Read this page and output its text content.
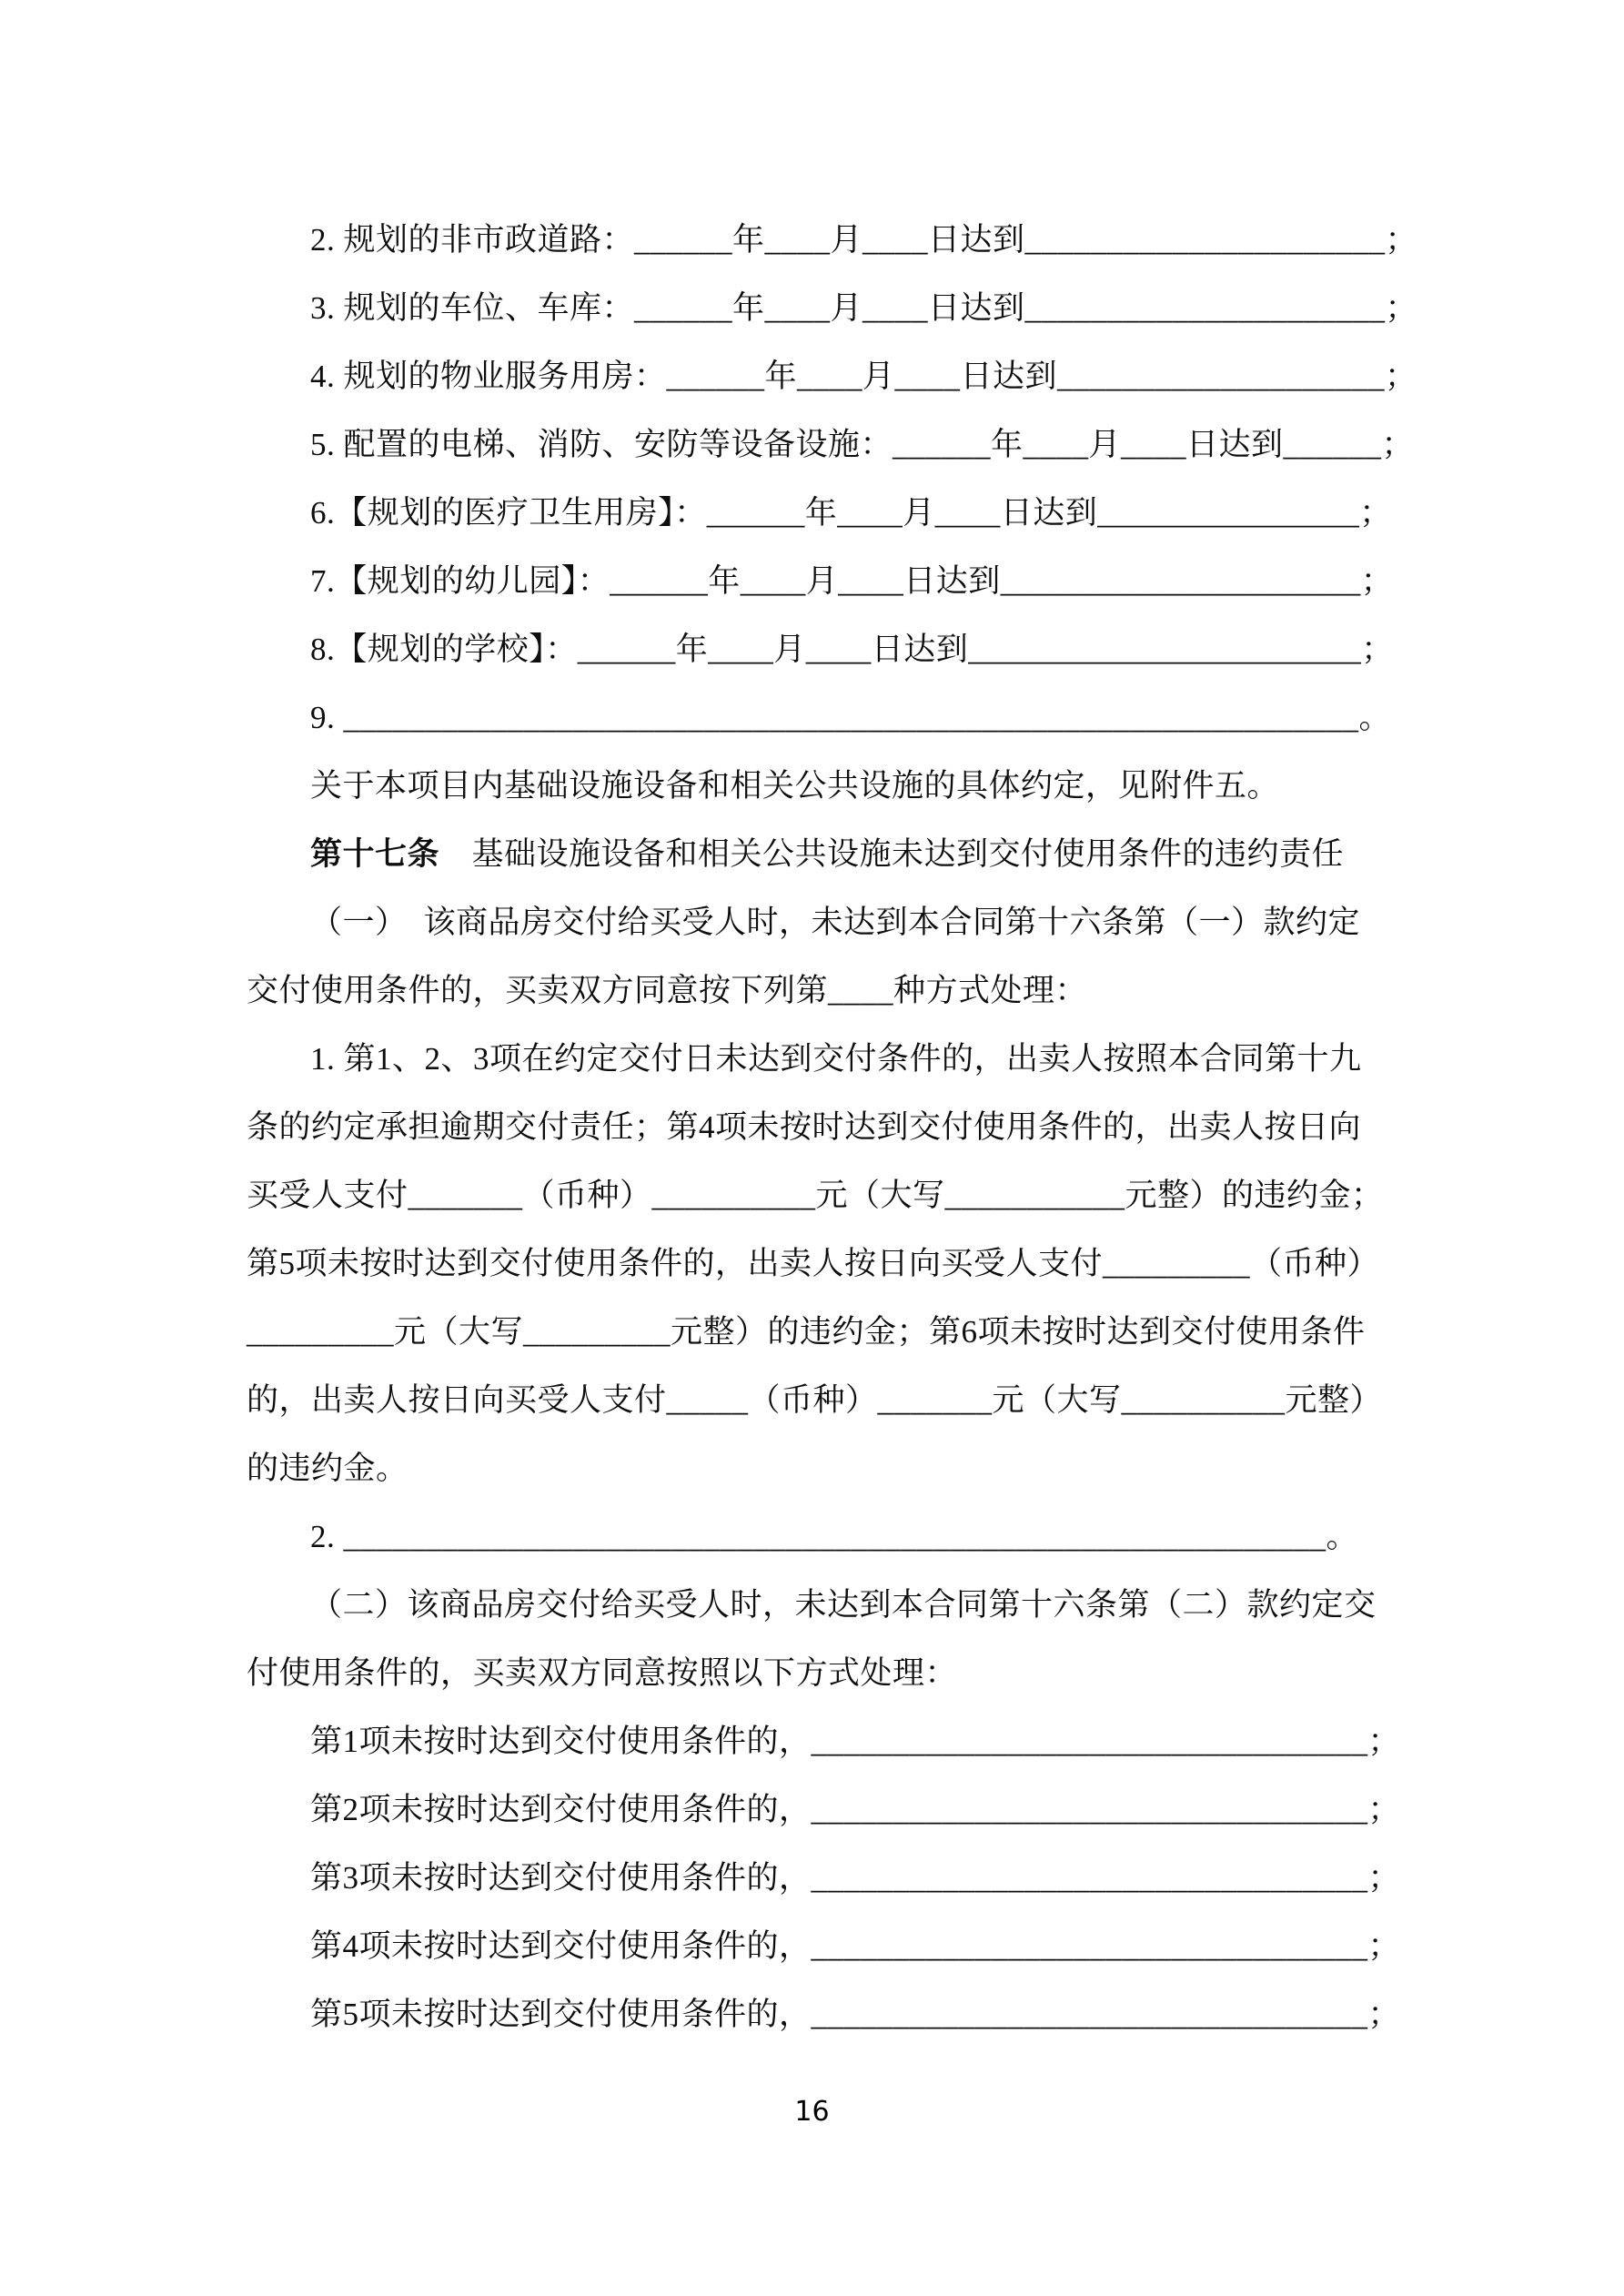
2. 规划的非市政道路：______年____月____日达到______________________；
3. 规划的车位、车库：______年____月____日达到______________________；
4. 规划的物业服务用房：______年____月____日达到____________________；
5. 配置的电梯、消防、安防等设备设施：______年____月____日达到______；
6.【规划的医疗卫生用房】：______年____月____日达到________________；
7.【规划的幼儿园】：______年____月____日达到______________________；
8.【规划的学校】：______年____月____日达到________________________；
9. ______________________________________________________________。
关于本项目内基础设施设备和相关公共设施的具体约定，见附件五。
第十七条　基础设施设备和相关公共设施未达到交付使用条件的违约责任
（一）　该商品房交付给买受人时，未达到本合同第十六条第（一）款约定
交付使用条件的，买卖双方同意按下列第____种方式处理：
1. 第1、2、3项在约定交付日未达到交付条件的，出卖人按照本合同第十九
条的约定承担逾期交付责任；第4项未按时达到交付使用条件的，出卖人按日向
买受人支付_______（币种）__________元（大写___________元整）的违约金；
第5项未按时达到交付使用条件的，出卖人按日向买受人支付_________（币种）
_________元（大写_________元整）的违约金；第6项未按时达到交付使用条件
的，出卖人按日向买受人支付_____（币种）_______元（大写__________元整）
的违约金。
2. ____________________________________________________________。
（二）该商品房交付给买受人时，未达到本合同第十六条第（二）款约定交
付使用条件的，买卖双方同意按照以下方式处理：
第1项未按时达到交付使用条件的，__________________________________；
第2项未按时达到交付使用条件的，__________________________________；
第3项未按时达到交付使用条件的，__________________________________；
第4项未按时达到交付使用条件的，__________________________________；
第5项未按时达到交付使用条件的，__________________________________；
16
